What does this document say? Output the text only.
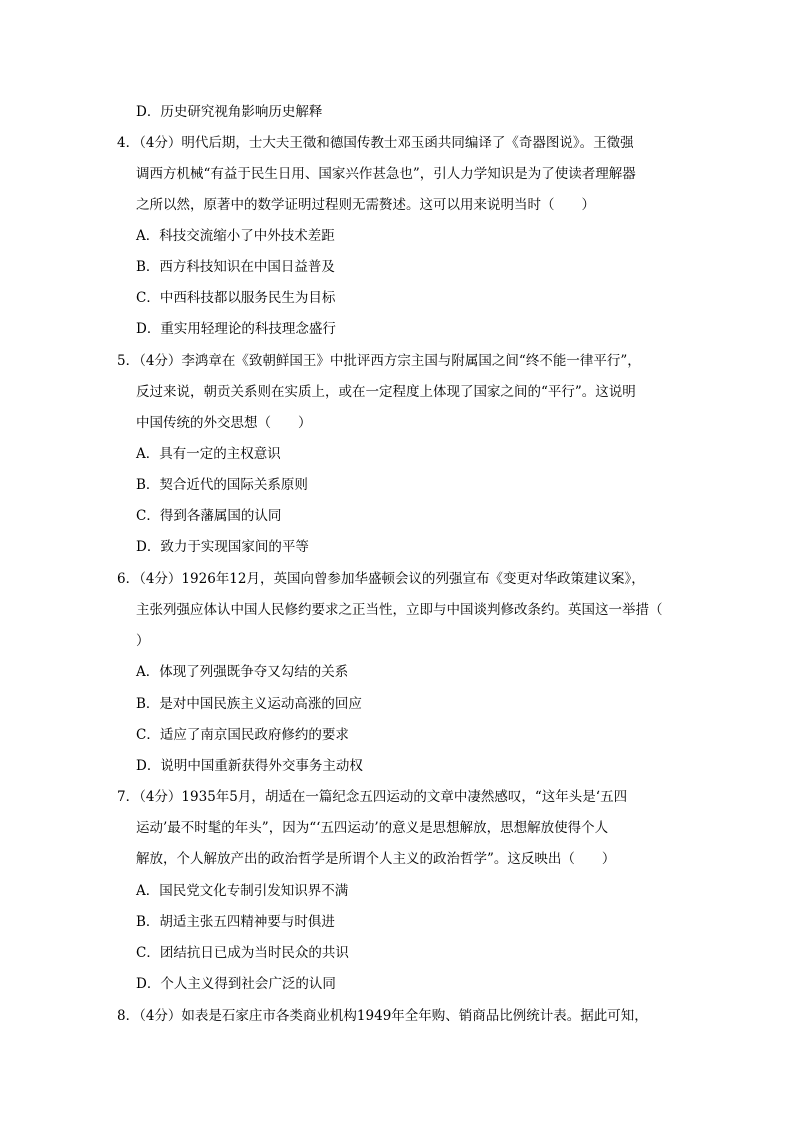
D．历史研究视角影响历史解释
4．（4分）明代后期，士大夫王徵和德国传教士邓玉函共同编译了《奇器图说》。王徵强
调西方机械“有益于民生日用、国家兴作甚急也”，引人力学知识是为了使读者理解器
之所以然，原著中的数学证明过程则无需赘述。这可以用来说明当时（　　）
A．科技交流缩小了中外技术差距
B．西方科技知识在中国日益普及
C．中西科技都以服务民生为目标
D．重实用轻理论的科技理念盛行
5．（4分）李鸿章在《致朝鲜国王》中批评西方宗主国与附属国之间“终不能一律平行”，
反过来说，朝贡关系则在实质上，或在一定程度上体现了国家之间的“平行”。这说明
中国传统的外交思想（　　）
A．具有一定的主权意识
B．契合近代的国际关系原则
C．得到各藩属国的认同
D．致力于实现国家间的平等
6．（4分）1926年12月，英国向曾参加华盛顿会议的列强宣布《变更对华政策建议案》，
主张列强应体认中国人民修约要求之正当性，立即与中国谈判修改条约。英国这一举措（
）
A．体现了列强既争夺又勾结的关系
B．是对中国民族主义运动高涨的回应
C．适应了南京国民政府修约的要求
D．说明中国重新获得外交事务主动权
7．（4分）1935年5月，胡适在一篇纪念五四运动的文章中凄然感叹，“这年头是‘五四
运动’最不时髦的年头”，因为“‘五四运动’的意义是思想解放，思想解放使得个人
解放，个人解放产出的政治哲学是所谓个人主义的政治哲学”。这反映出（　　）
A．国民党文化专制引发知识界不满
B．胡适主张五四精神要与时俱进
C．团结抗日已成为当时民众的共识
D．个人主义得到社会广泛的认同
8．（4分）如表是石家庄市各类商业机构1949年全年购、销商品比例统计表。据此可知，
